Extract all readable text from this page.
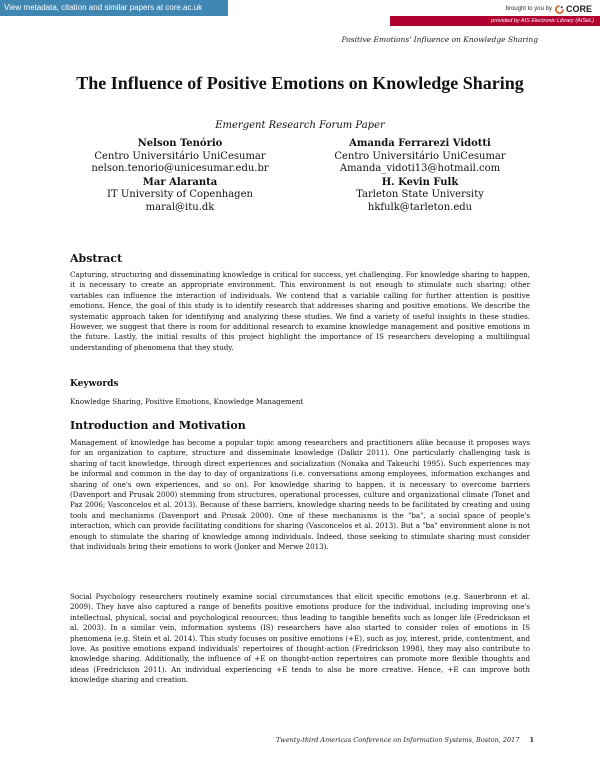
View metadata, citation and similar papers at core.ac.uk	brought to you by CORE
provided by AIS Electronic Library (AISeL)
Positive Emotions' Influence on Knowledge Sharing
The Influence of Positive Emotions on Knowledge Sharing
Emergent Research Forum Paper
Nelson Tenório
Centro Universitário UniCesumar
nelson.tenorio@unicesumar.edu.br
Amanda Ferrarezi Vidotti
Centro Universitário UniCesumar
Amanda_vidoti13@hotmail.com
Mar Alaranta
IT University of Copenhagen
maral@itu.dk
H. Kevin Fulk
Tarleton State University
hkfulk@tarleton.edu
Abstract

Capturing, structuring and disseminating knowledge is critical for success, yet challenging. For knowledge sharing to happen, it is necessary to create an appropriate environment. This environment is not enough to stimulate such sharing; other variables can influence the interaction of individuals. We contend that a variable calling for further attention is positive emotions. Hence, the goal of this study is to identify research that addresses sharing and positive emotions. We describe the systematic approach taken for identifying and analyzing these studies. We find a variety of useful insights in these studies. However, we suggest that there is room for additional research to examine knowledge management and positive emotions in the future. Lastly, the initial results of this project highlight the importance of IS researchers developing a multilingual understanding of phenomena that they study.

Keywords

Knowledge Sharing, Positive Emotions, Knowledge Management

Introduction and Motivation

Management of knowledge has become a popular topic among researchers and practitioners alike because it proposes ways for an organization to capture, structure and disseminate knowledge (Dalkir 2011). One particularly challenging task is sharing of tacit knowledge, through direct experiences and socialization (Nonaka and Takeuchi 1995). Such experiences may be informal and common in the day to day of organizations (i.e. conversations among employees, information exchanges and sharing of one's own experiences, and so on). For knowledge sharing to happen, it is necessary to overcome barriers (Davenport and Prusak 2000) stemming from structures, operational processes, culture and organizational climate (Tonet and Paz 2006; Vasconcelos et al. 2013). Because of these barriers, knowledge sharing needs to be facilitated by creating and using tools and mechanisms (Davenport and Prusak 2000). One of these mechanisms is the "ba", a social space of people's interaction, which can provide facilitating conditions for sharing (Vasconcelos et al. 2013). But a "ba" environment alone is not enough to stimulate the sharing of knowledge among individuals. Indeed, those seeking to stimulate sharing must consider that individuals bring their emotions to work (Jonker and Merwe 2013).

Social Psychology researchers routinely examine social circumstances that elicit specific emotions (e.g. Sauerbronn et al. 2009). They have also captured a range of benefits positive emotions produce for the individual, including improving one's intellectual, physical, social and psychological resources; thus leading to tangible benefits such as longer life (Fredrickson et al. 2003). In a similar vein, information systems (IS) researchers have also started to consider roles of emotions in IS phenomena (e.g. Stein et al. 2014). This study focuses on positive emotions (+E), such as joy, interest, pride, contentment, and love. As positive emotions expand individuals' repertoires of thought-action (Fredrickson 1998), they may also contribute to knowledge sharing. Additionally, the influence of +E on thought-action repertoires can promote more flexible thoughts and ideas (Fredrickson 2011). An individual experiencing +E tends to also be more creative. Hence, +E can improve both knowledge sharing and creation.

Twenty-third Americas Conference on Information Systems, Boston, 2017 1
